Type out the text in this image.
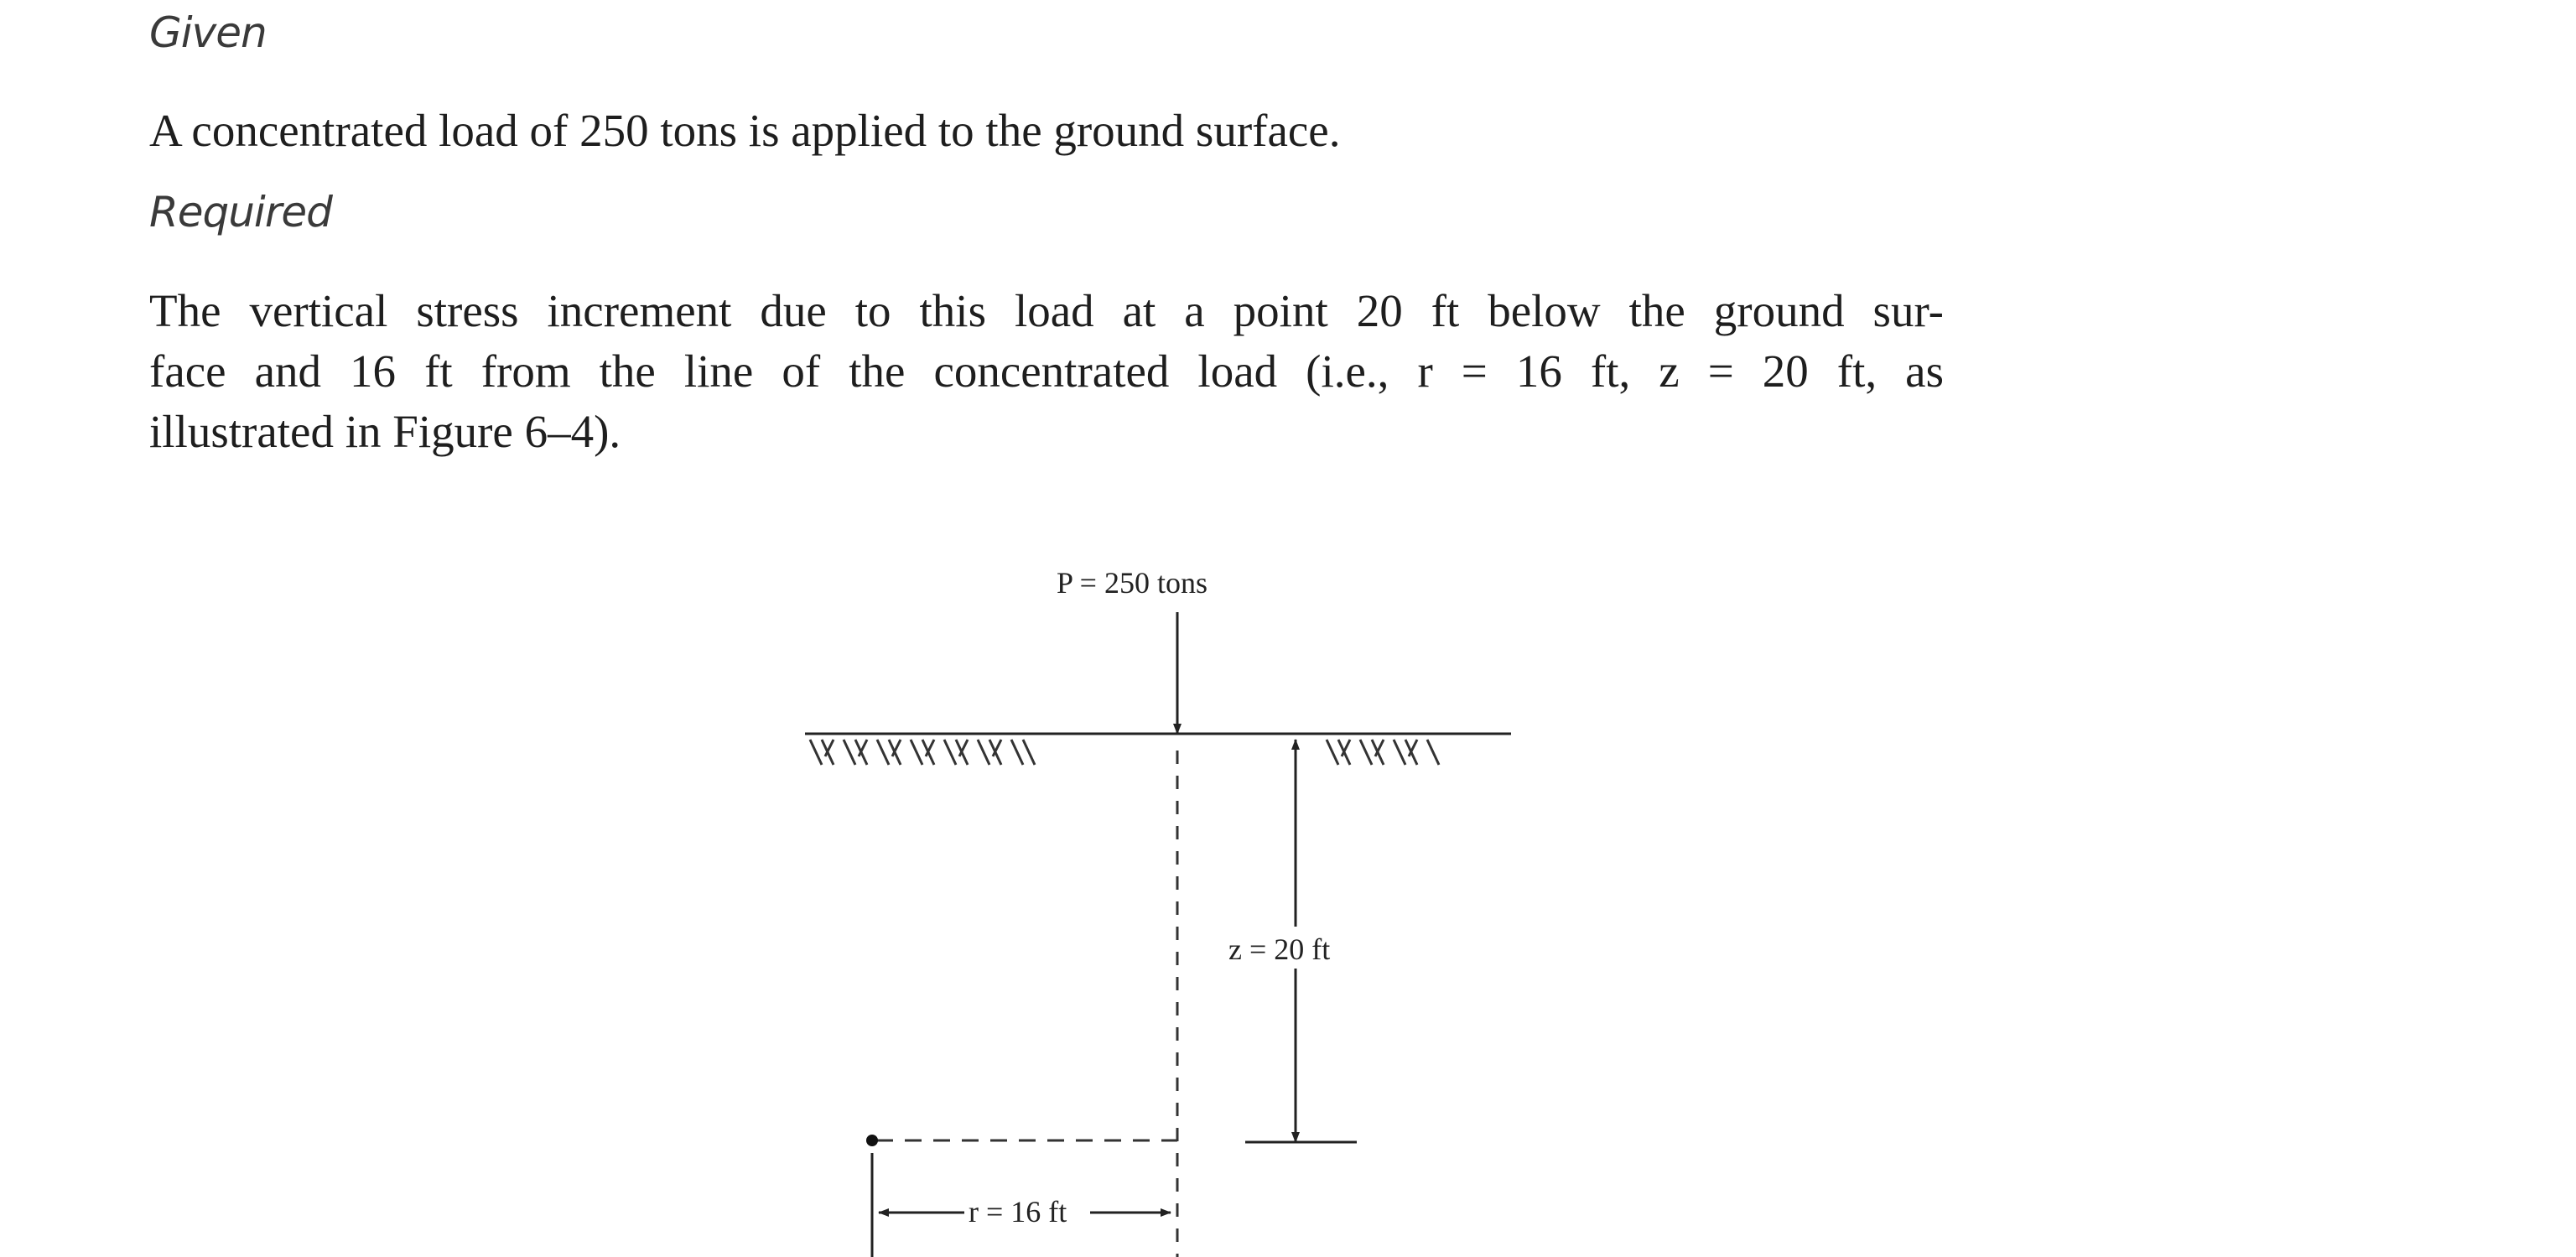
Given

A concentrated load of 250 tons is applied to the ground surface.

Required

The vertical stress increment due to this load at a point 20 ft below the ground sur-
face and 16 ft from the line of the concentrated load (i.e., r = 16 ft, z = 20 ft, as
illustrated in Figure 6–4).
P = 250 tons
z = 20 ft
r = 16 ft
